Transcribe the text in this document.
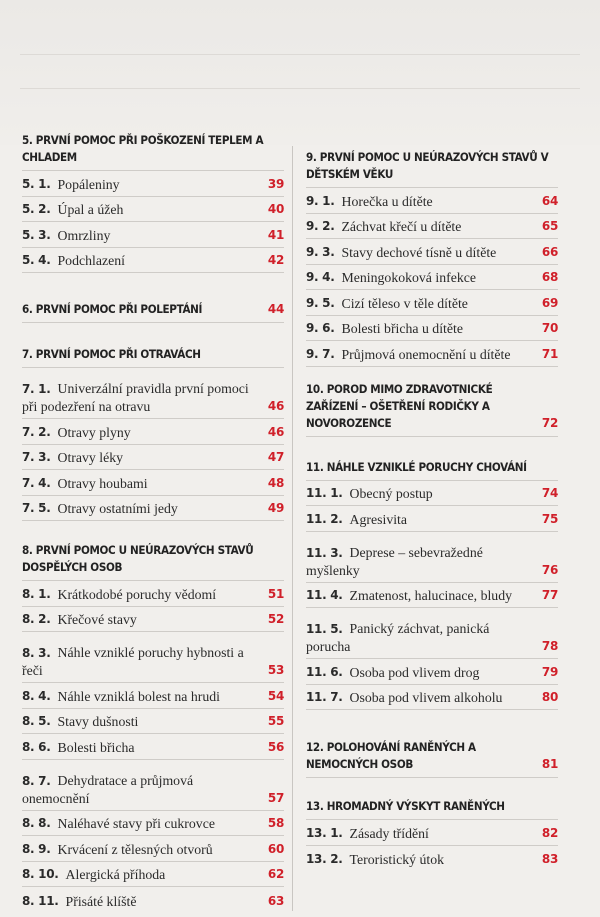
5. PRVNÍ POMOC PŘI POŠKOZENÍ TEPLEM A CHLADEM
5. 1. Popáleniny	39
5. 2. Úpal a úžeh	40
5. 3. Omrzliny	41
5. 4. Podchlazení	42
6. PRVNÍ POMOC PŘI POLEPTÁNÍ	44
7. PRVNÍ POMOC PŘI OTRAVÁCH
7. 1. Univerzální pravidla první pomoci při podezření na otravu	46
7. 2. Otravy plyny	46
7. 3. Otravy léky	47
7. 4. Otravy houbami	48
7. 5. Otravy ostatními jedy	49
8. PRVNÍ POMOC U NEÚRAZOVÝCH STAVŮ DOSPĚLÝCH OSOB
8. 1. Krátkodobé poruchy vědomí	51
8. 2. Křečové stavy	52
8. 3. Náhle vzniklé poruchy hybnosti a řeči	53
8. 4. Náhle vzniklá bolest na hrudi	54
8. 5. Stavy dušnosti	55
8. 6. Bolesti břicha	56
8. 7. Dehydratace a průjmová onemocnění	57
8. 8. Naléhavé stavy při cukrovce	58
8. 9. Krvácení z tělesných otvorů	60
8. 10. Alergická příhoda	62
8. 11. Přisáté klíště	63
9. PRVNÍ POMOC U NEÚRAZOVÝCH STAVŮ V DĚTSKÉM VĚKU
9. 1. Horečka u dítěte	64
9. 2. Záchvat křečí u dítěte	65
9. 3. Stavy dechové tísně u dítěte	66
9. 4. Meningokoková infekce	68
9. 5. Cizí těleso v těle dítěte	69
9. 6. Bolesti břicha u dítěte	70
9. 7. Průjmová onemocnění u dítěte	71
10. POROD MIMO ZDRAVOTNICKÉ ZAŘÍZENÍ – OŠETŘENÍ RODIČKY A NOVOROZENCE	72
11. NÁHLE VZNIKLÉ PORUCHY CHOVÁNÍ
11. 1. Obecný postup	74
11. 2. Agresivita	75
11. 3. Deprese – sebevražedné myšlenky	76
11. 4. Zmatenost, halucinace, bludy	77
11. 5. Panický záchvat, panická porucha	78
11. 6. Osoba pod vlivem drog	79
11. 7. Osoba pod vlivem alkoholu	80
12. POLOHOVÁNÍ RANĚNÝCH A NEMOCNÝCH OSOB	81
13. HROMADNÝ VÝSKYT RANĚNÝCH
13. 1. Zásady třídění	82
13. 2. Teroristický útok	83
